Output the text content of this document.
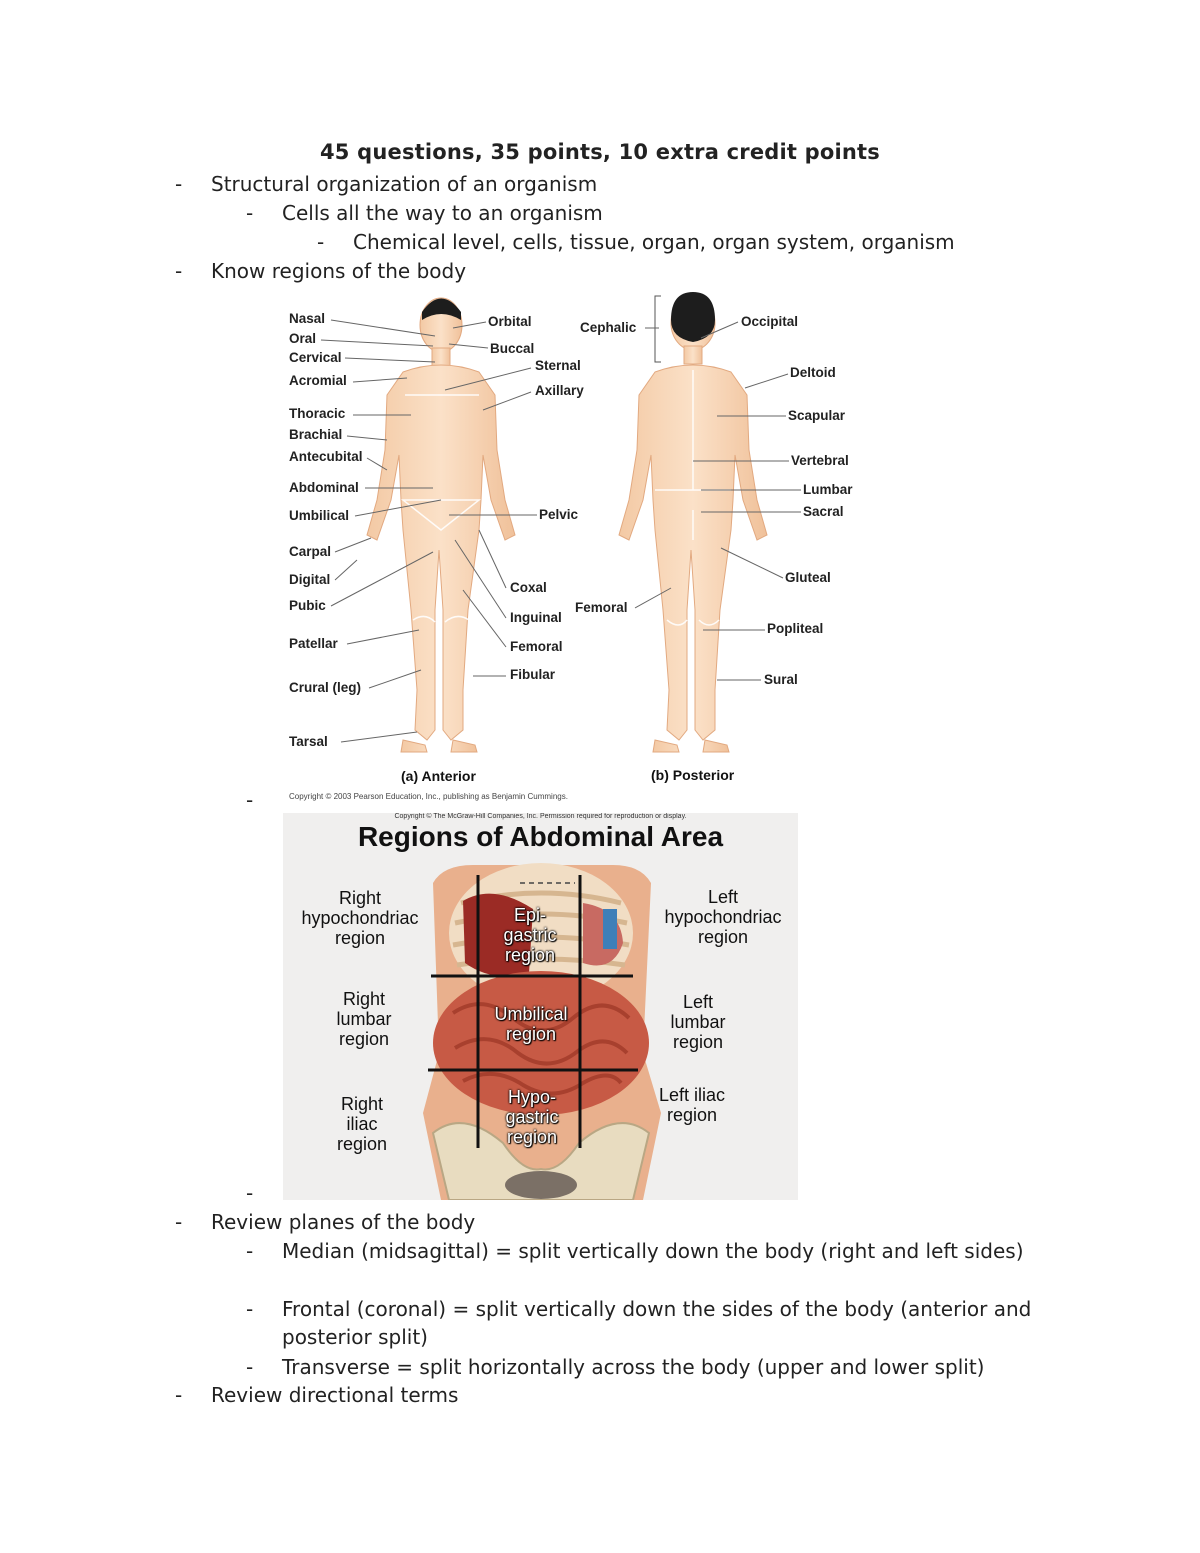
45 questions, 35 points, 10 extra credit points
- Structural organization of an organism
- Cells all the way to an organism
- Chemical level, cells, tissue, organ, organ system, organism
- Know regions of the body
Nasal
Oral
Cervical
Acromial
Thoracic
Brachial
Antecubital
Abdominal
Umbilical
Carpal
Digital
Pubic
Patellar
Crural (leg)
Tarsal
Orbital
Buccal
Sternal
Axillary
Pelvic
Coxal
Inguinal
Femoral
Fibular
Cephalic
Femoral
Occipital
Deltoid
Scapular
Vertebral
Lumbar
Sacral
Gluteal
Popliteal
Sural
(a) Anterior	(b) Posterior
Copyright © 2003 Pearson Education, Inc., publishing as Benjamin Cummings.
-
Copyright © The McGraw-Hill Companies, Inc. Permission required for reproduction or display.
Regions of Abdominal Area
Right hypochondriac region
Epi- gastric region
Left hypochondriac region
Right lumbar region
Umbilical region
Left lumbar region
Right iliac region
Hypo- gastric region
Left iliac region
-
- Review planes of the body
- Median (midsagittal) = split vertically down the body (right and left sides)
- Frontal (coronal) = split vertically down the sides of the body (anterior and posterior split)
- Transverse = split horizontally across the body (upper and lower split)
- Review directional terms
